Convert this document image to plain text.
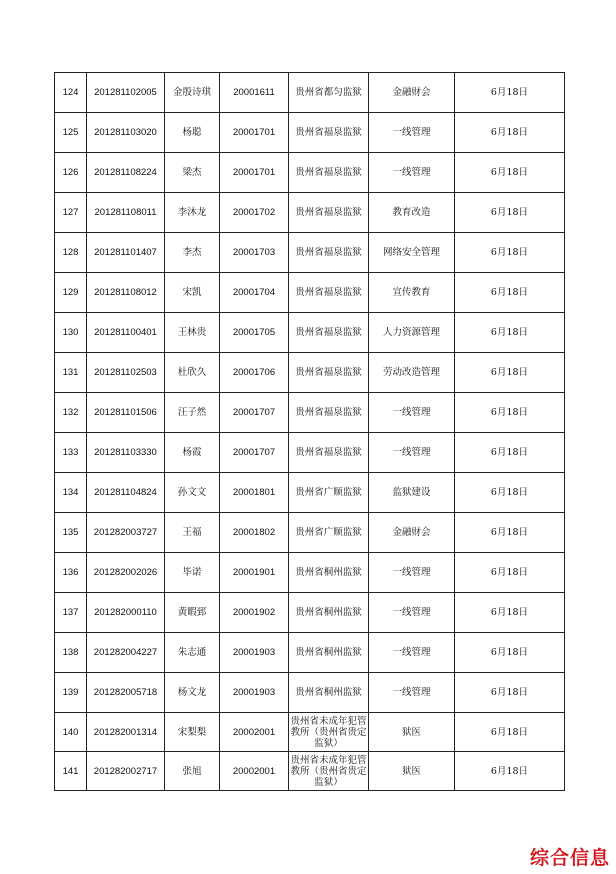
124	201281102005	金殷诗琪	20001611	贵州省都匀监狱	金融财会	6月18日
125	201281103020	杨聪	20001701	贵州省福泉监狱	一线管理	6月18日
126	201281108224	梁杰	20001701	贵州省福泉监狱	一线管理	6月18日
127	201281108011	李沐龙	20001702	贵州省福泉监狱	教育改造	6月18日
128	201281101407	李杰	20001703	贵州省福泉监狱	网络安全管理	6月18日
129	201281108012	宋凯	20001704	贵州省福泉监狱	宣传教育	6月18日
130	201281100401	王林贵	20001705	贵州省福泉监狱	人力资源管理	6月18日
131	201281102503	杜欣久	20001706	贵州省福泉监狱	劳动改造管理	6月18日
132	201281101506	汪子然	20001707	贵州省福泉监狱	一线管理	6月18日
133	201281103330	杨霞	20001707	贵州省福泉监狱	一线管理	6月18日
134	201281104824	孙文文	20001801	贵州省广顺监狱	监狱建设	6月18日
135	201282003727	王福	20001802	贵州省广顺监狱	金融财会	6月18日
136	201282002026	毕诺	20001901	贵州省桐州监狱	一线管理	6月18日
137	201282000110	黄暇郅	20001902	贵州省桐州监狱	一线管理	6月18日
138	201282004227	朱志通	20001903	贵州省桐州监狱	一线管理	6月18日
139	201282005718	杨文龙	20001903	贵州省桐州监狱	一线管理	6月18日
140	201282001314	宋梨梨	20002001	贵州省未成年犯管教所（贵州省贵定监狱）	狱医	6月18日
141	201282002717	张旭	20002001	贵州省未成年犯管教所（贵州省贵定监狱）	狱医	6月18日
综合信息
